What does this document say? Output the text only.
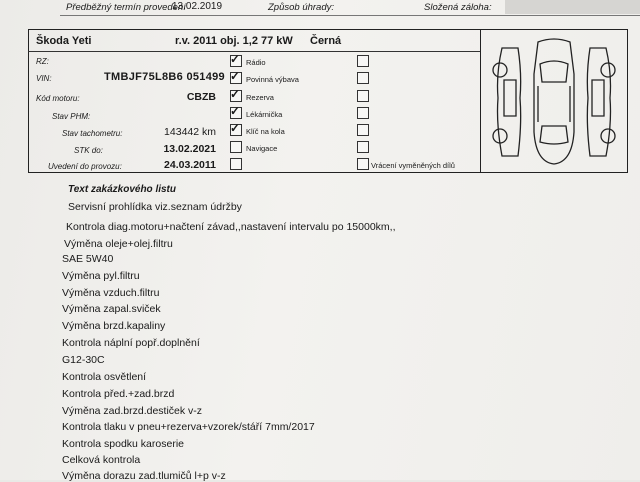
Předběžný termín provedení
13.02.2019	Způsob úhrady:	Složená záloha:
Škoda Yeti	r.v. 2011 obj. 1,2 77 kW Černá
RZ:
VIN:	TMBJF75L8B6 051499
Kód motoru:	CBZB
Stav PHM:
Stav tachometru:	143442 km
STK do:	13.02.2021
Uvedení do provozu:	24.03.2011
✓ Rádio
✓ Povinná výbava
✓ Rezerva
✓ Lékárnička
✓ Klíč na kola
Navigace
Vrácení vyměněných dílů
Text zakázkového listu
Servisní prohlídka viz.seznam údržby
Kontrola diag.motoru+načtení závad,,nastavení intervalu po 15000km,,
Výměna oleje+olej.filtru
SAE 5W40
Výměna pyl.filtru
Výměna vzduch.filtru
Výměna zapal.sviček
Výměna brzd.kapaliny
Kontrola náplní popř.doplnění
G12-30C
Kontrola osvětlení
Kontrola před.+zad.brzd
Výměna zad.brzd.destiček v-z
Kontrola tlaku v pneu+rezerva+vzorek/stáří 7mm/2017
Kontrola spodku karoserie
Celková kontrola
Výměna dorazu zad.tlumičů l+p v-z
